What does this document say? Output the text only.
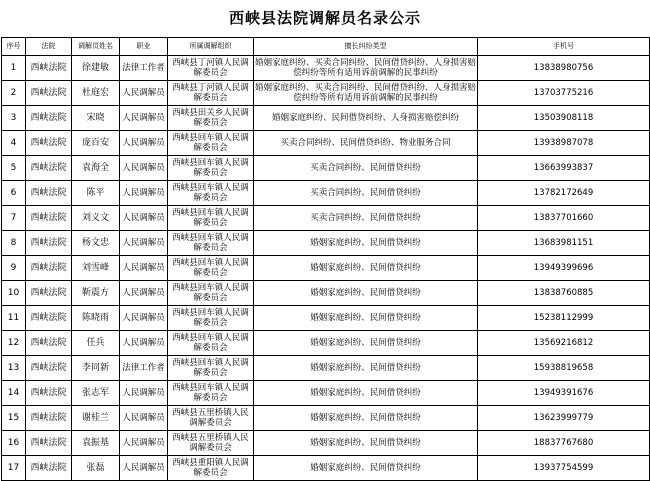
西峡县法院调解员名录公示
序号	法院	调解员姓名	职业	所属调解组织	擅长纠纷类型	手机号
1	西峡法院	徐建敏	法律工作者	西峡县丁河镇人民调解委员会	婚姻家庭纠纷、买卖合同纠纷、民间借贷纠纷、人身损害赔偿纠纷等所有适用诉前调解的民事纠纷	13838980756
2	西峡法院	杜庭宏	人民调解员	西峡县丁河镇人民调解委员会	婚姻家庭纠纷、买卖合同纠纷、民间借贷纠纷、人身损害赔偿纠纷等所有适用诉前调解的民事纠纷	13703775216
3	西峡法院	宋晓	人民调解员	西峡县田关乡人民调解委员会	婚姻家庭纠纷、民间借贷纠纷、人身损害赔偿纠纷	13503908118
4	西峡法院	庞百安	人民调解员	西峡县回车镇人民调解委员会	买卖合同纠纷、民间借贷纠纷、物业服务合同	13938987078
5	西峡法院	袁海全	人民调解员	西峡县回车镇人民调解委员会	买卖合同纠纷、民间借贷纠纷	13663993837
6	西峡法院	陈平	人民调解员	西峡县回车镇人民调解委员会	买卖合同纠纷、民间借贷纠纷	13782172649
7	西峡法院	刘义文	人民调解员	西峡县回车镇人民调解委员会	买卖合同纠纷、民间借贷纠纷	13837701660
8	西峡法院	杨文忠	人民调解员	西峡县回车镇人民调解委员会	婚姻家庭纠纷、民间借贷纠纷	13683981151
9	西峡法院	刘雪峰	人民调解员	西峡县回车镇人民调解委员会	婚姻家庭纠纷、民间借贷纠纷	13949399696
10	西峡法院	靳震方	人民调解员	西峡县回车镇人民调解委员会	婚姻家庭纠纷、民间借贷纠纷	13838760885
11	西峡法院	陈晓雨	人民调解员	西峡县回车镇人民调解委员会	婚姻家庭纠纷、民间借贷纠纷	15238112999
12	西峡法院	任兵	人民调解员	西峡县回车镇人民调解委员会	婚姻家庭纠纷、民间借贷纠纷	13569216812
13	西峡法院	李同新	法律工作者	西峡县回车镇人民调解委员会	婚姻家庭纠纷、民间借贷纠纷	15938819658
14	西峡法院	张志军	人民调解员	西峡县回车镇人民调解委员会	婚姻家庭纠纷、民间借贷纠纷	13949391676
15	西峡法院	谢桂兰	人民调解员	西峡县五里桥镇人民调解委员会	婚姻家庭纠纷、民间借贷纠纷	13623999779
16	西峡法院	袁振基	人民调解员	西峡县五里桥镇人民调解委员会	婚姻家庭纠纷、民间借贷纠纷	18837767680
17	西峡法院	张磊	人民调解员	西峡县重阳镇人民调解委员会	婚姻家庭纠纷、民间借贷纠纷	13937754599
